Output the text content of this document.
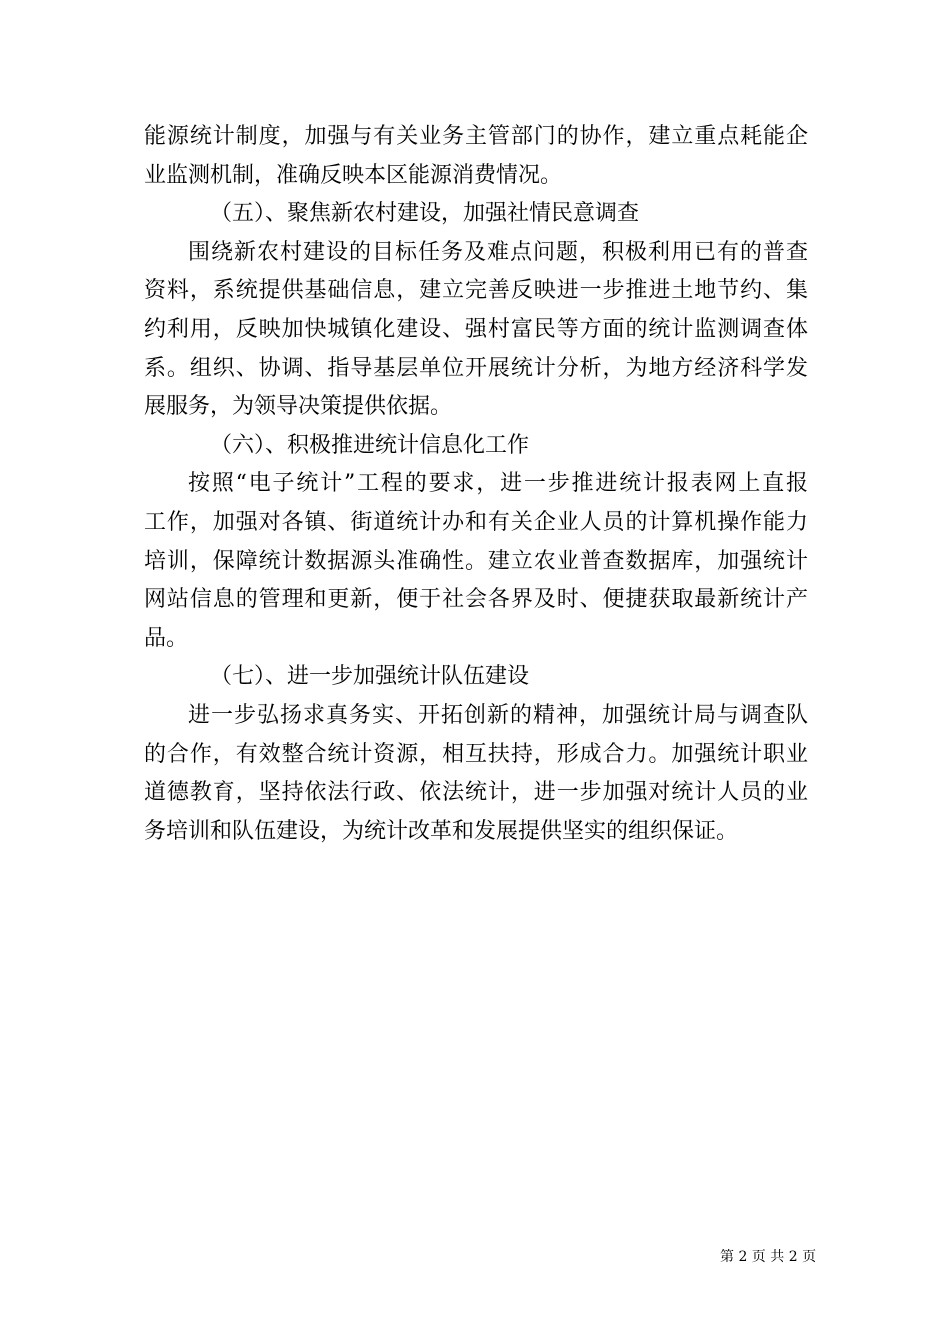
能源统计制度，加强与有关业务主管部门的协作，建立重点耗能企
业监测机制，准确反映本区能源消费情况。
（五）、聚焦新农村建设，加强社情民意调查
围绕新农村建设的目标任务及难点问题，积极利用已有的普查
资料，系统提供基础信息，建立完善反映进一步推进土地节约、集
约利用，反映加快城镇化建设、强村富民等方面的统计监测调查体
系。组织、协调、指导基层单位开展统计分析，为地方经济科学发
展服务，为领导决策提供依据。
（六）、积极推进统计信息化工作
按照“电子统计”工程的要求，进一步推进统计报表网上直报
工作，加强对各镇、街道统计办和有关企业人员的计算机操作能力
培训，保障统计数据源头准确性。建立农业普查数据库，加强统计
网站信息的管理和更新，便于社会各界及时、便捷获取最新统计产
品。
（七）、进一步加强统计队伍建设
进一步弘扬求真务实、开拓创新的精神，加强统计局与调查队
的合作，有效整合统计资源，相互扶持，形成合力。加强统计职业
道德教育，坚持依法行政、依法统计，进一步加强对统计人员的业
务培训和队伍建设，为统计改革和发展提供坚实的组织保证。
第 2 页 共 2 页
